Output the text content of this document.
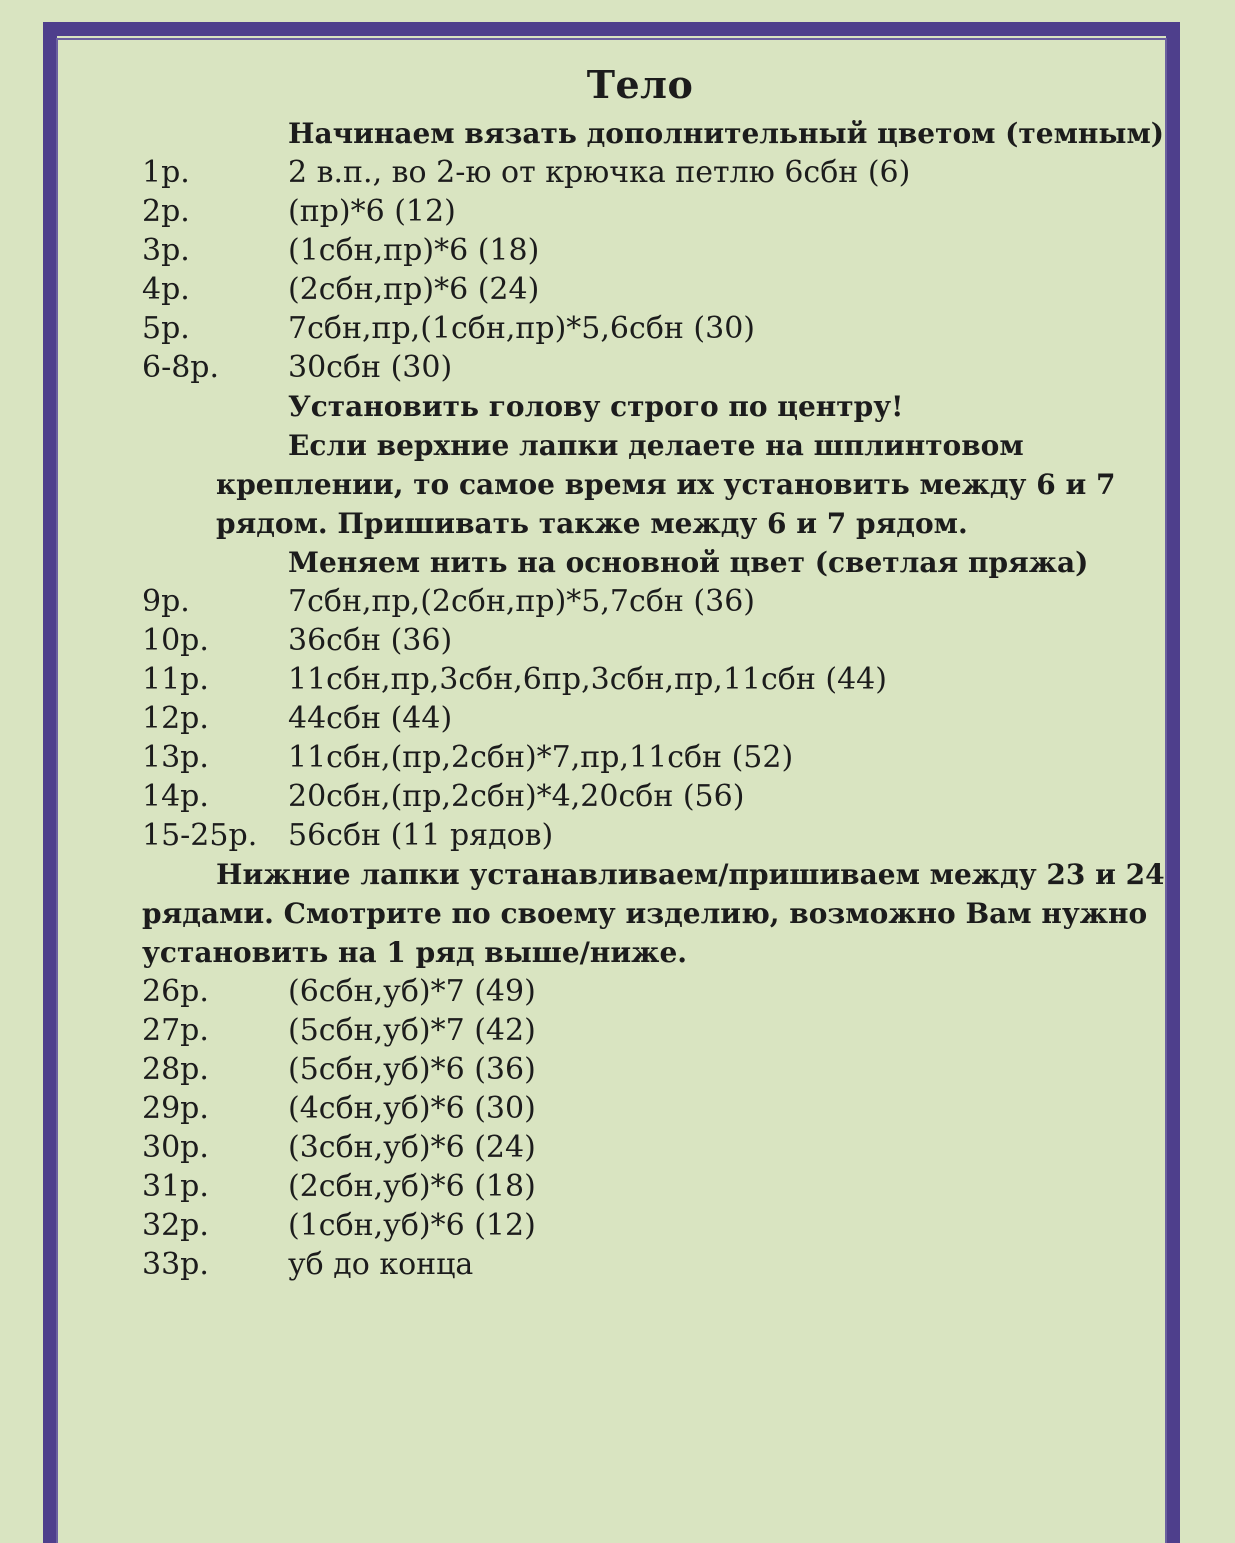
Тело
Начинаем вязать дополнительный цветом (темным)
1р.	2 в.п., во 2-ю от крючка петлю 6сбн (6)
2р.	(пр)*6 (12)
3р.	(1сбн,пр)*6 (18)
4р.	(2сбн,пр)*6 (24)
5р.	7сбн,пр,(1сбн,пр)*5,6сбн (30)
6-8р. 30сбн (30)
Установить голову строго по центру!
Если верхние лапки делаете на шплинтовом
креплении, то самое время их установить между 6 и 7
рядом. Пришивать также между 6 и 7 рядом.
Меняем нить на основной цвет (светлая пряжа)
9р.	7сбн,пр,(2сбн,пр)*5,7сбн (36)
10р.	36сбн (36)
11р.	11сбн,пр,3сбн,6пр,3сбн,пр,11сбн (44)
12р.	44сбн (44)
13р.	11сбн,(пр,2сбн)*7,пр,11сбн (52)
14р.	20сбн,(пр,2сбн)*4,20сбн (56)
15-25р. 56сбн (11 рядов)
Нижние лапки устанавливаем/пришиваем между 23 и 24
рядами. Смотрите по своему изделию, возможно Вам нужно
установить на 1 ряд выше/ниже.
26р.	(6сбн,уб)*7 (49)
27р.	(5сбн,уб)*7 (42)
28р.	(5сбн,уб)*6 (36)
29р.	(4сбн,уб)*6 (30)
30р.	(3сбн,уб)*6 (24)
31р.	(2сбн,уб)*6 (18)
32р.	(1сбн,уб)*6 (12)
33р.	уб до конца
